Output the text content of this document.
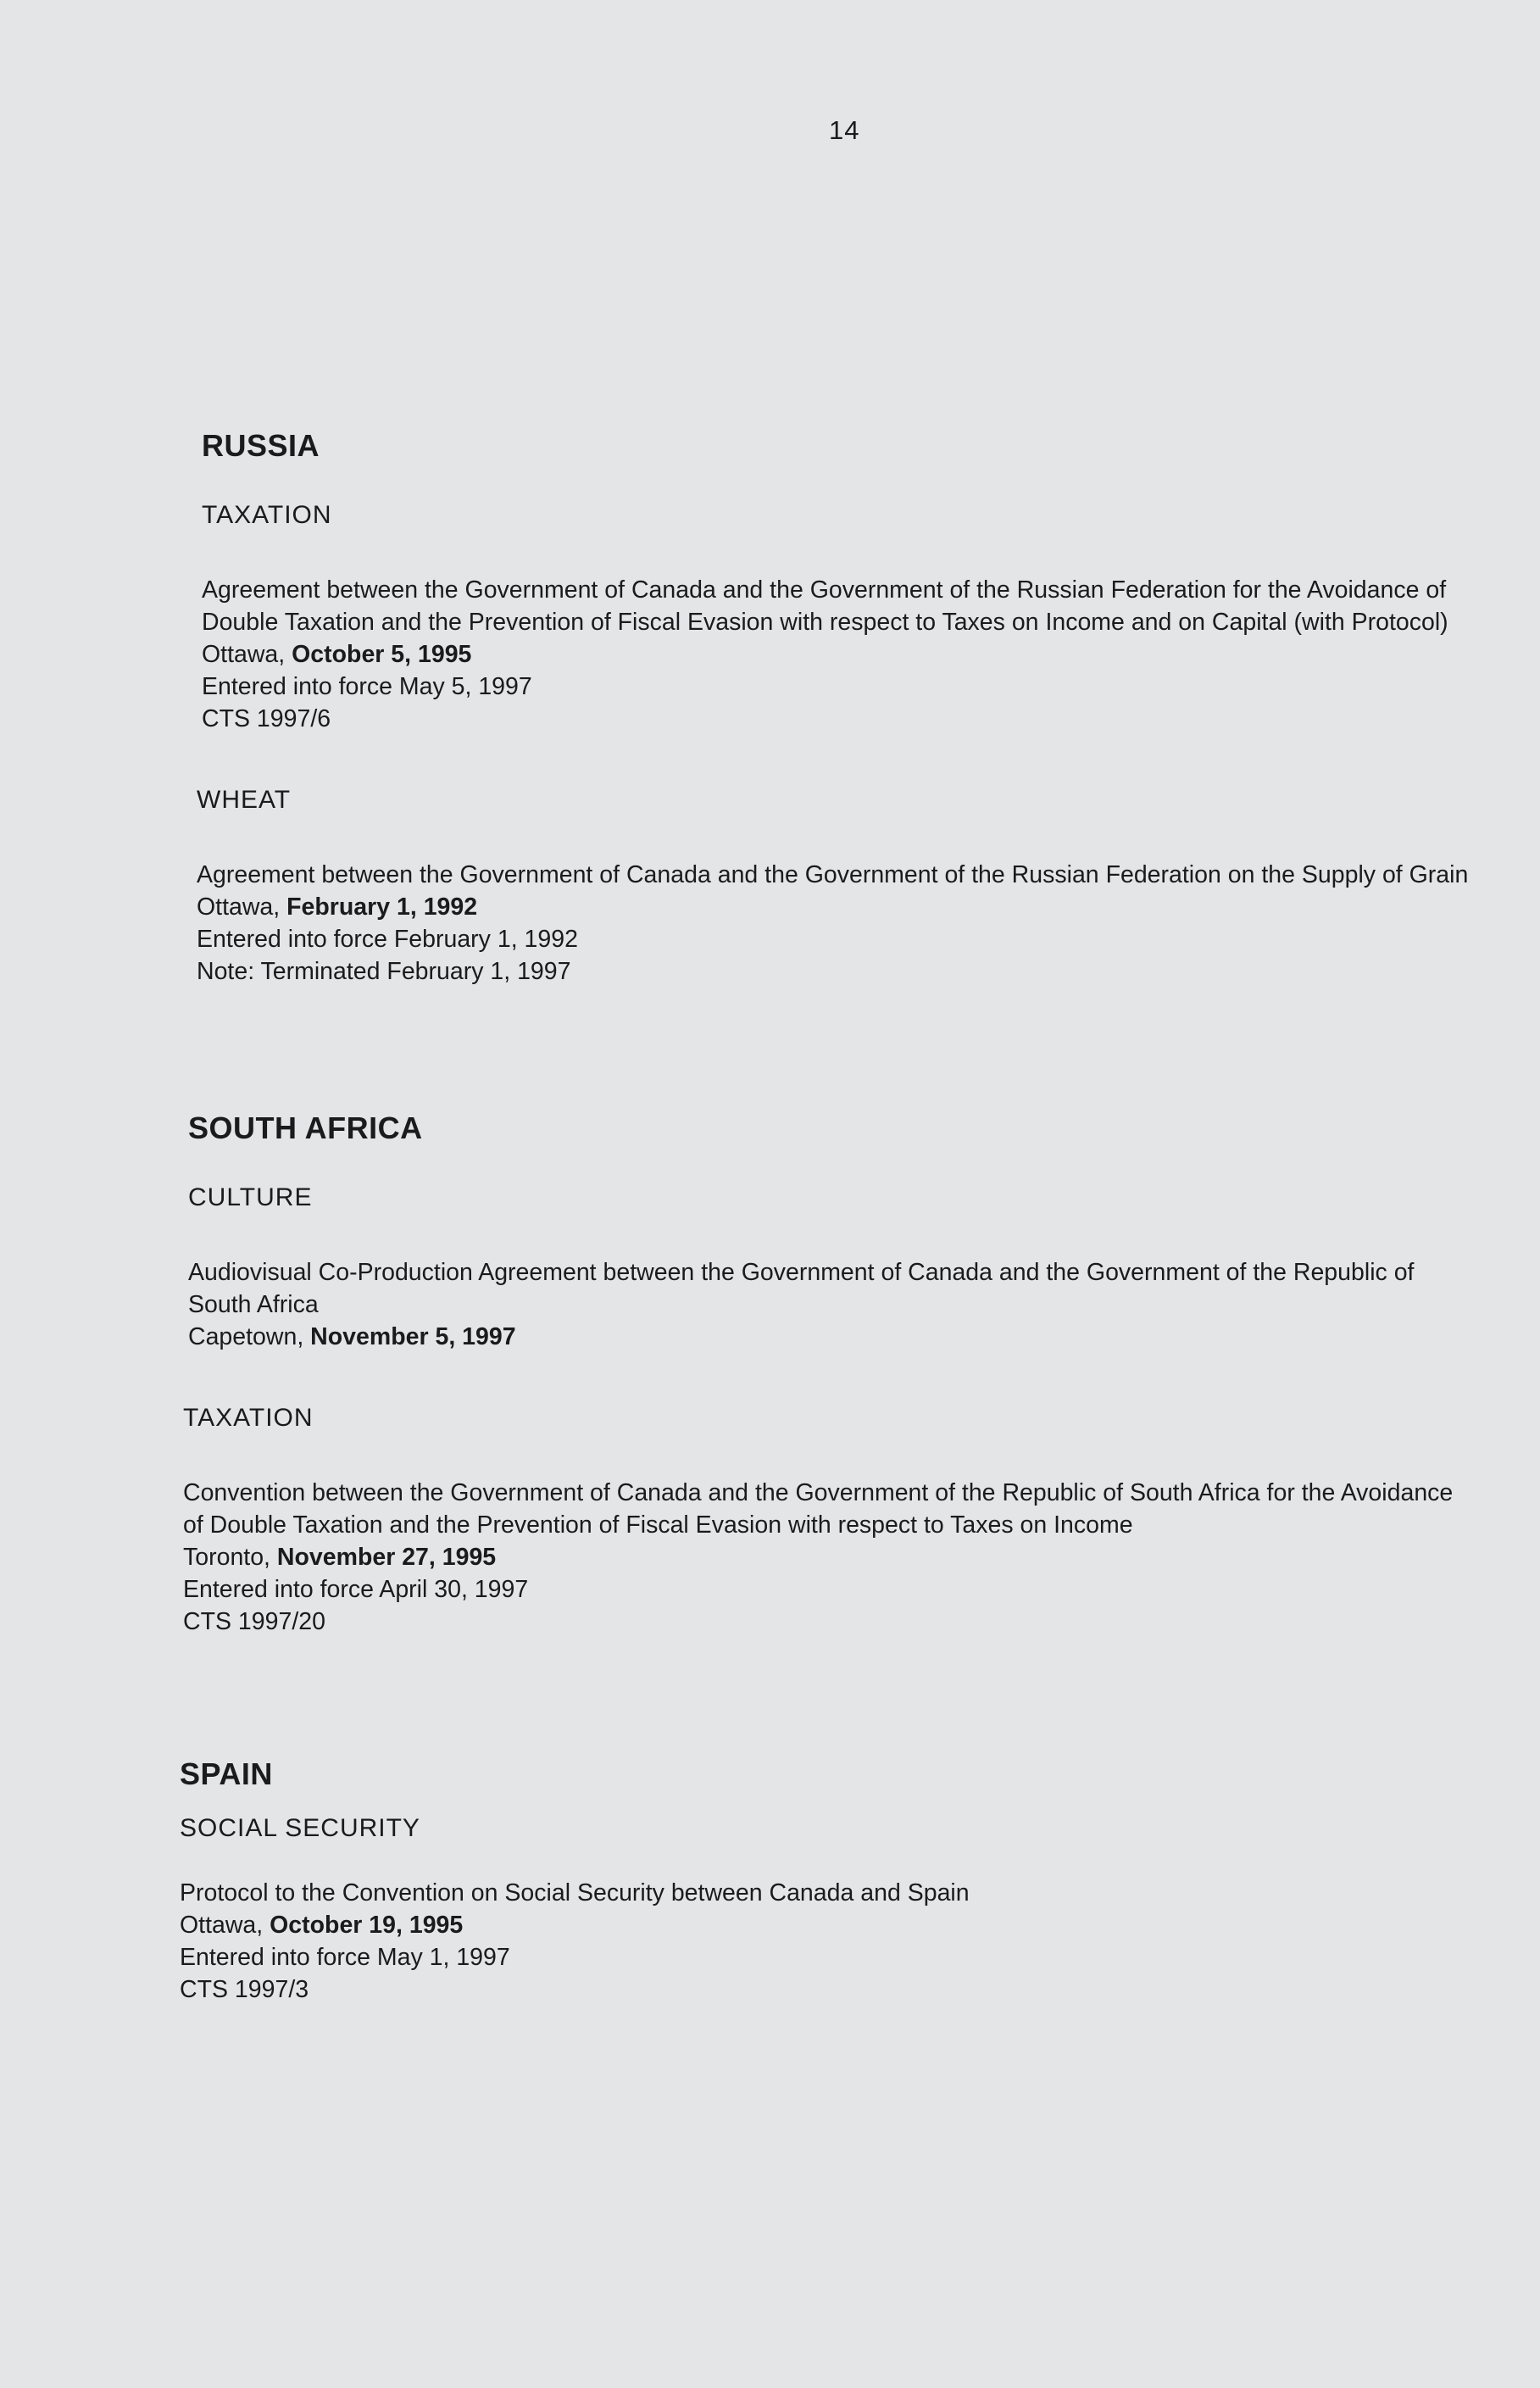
14
RUSSIA
TAXATION
Agreement between the Government of Canada and the Government of the Russian Federation for the Avoidance of Double Taxation and the Prevention of Fiscal Evasion with respect to Taxes on Income and on Capital (with Protocol)
Ottawa, October 5, 1995
Entered into force May 5, 1997
CTS 1997/6
WHEAT
Agreement between the Government of Canada and the Government of the Russian Federation on the Supply of Grain
Ottawa, February 1, 1992
Entered into force February 1, 1992
Note: Terminated February 1, 1997
SOUTH AFRICA
CULTURE
Audiovisual Co-Production Agreement between the Government of Canada and the Government of the Republic of South Africa
Capetown, November 5, 1997
TAXATION
Convention between the Government of Canada and the Government of the Republic of South Africa for the Avoidance of Double Taxation and the Prevention of Fiscal Evasion with respect to Taxes on Income
Toronto, November 27, 1995
Entered into force April 30, 1997
CTS 1997/20
SPAIN
SOCIAL SECURITY
Protocol to the Convention on Social Security between Canada and Spain
Ottawa, October 19, 1995
Entered into force May 1, 1997
CTS 1997/3
